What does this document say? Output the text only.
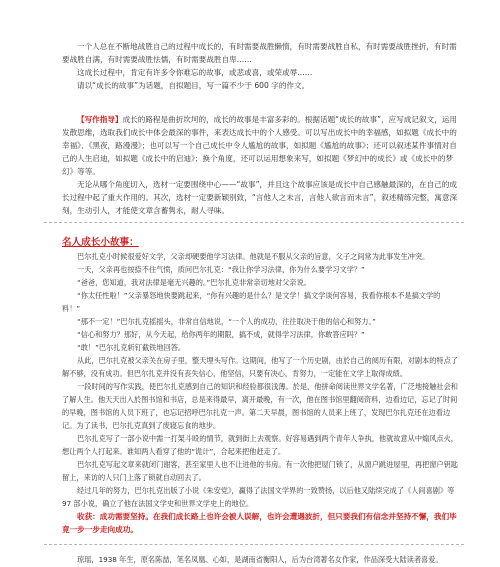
一个人总在不断地战胜自己的过程中成长的，有时需要战胜懒惰，有时需要战胜自私，有时需要战胜挫折，有时需要战胜自满，有时需要战胜怯懦，有时需要战胜自卑……

这成长过程中，肯定有许多令你难忘的故事，或悲或喜，或荣或辱……

请以“成长的故事”为话题，自拟题目，写一篇不少于 600 字的作文。

【写作指导】成长的路程是曲折坎坷的，成长的故事是丰富多彩的。根据话题“成长的故事”，应写成记叙文，运用发散思维，选取我们成长中体会最深的事件，来表达成长中的个人感受。可以写出成长中的幸福感，如拟题《成长中的幸福》、《黑夜，路漫漫》；也可以写一个自己成长中令人尴尬的故事，如拟题《尴尬的故事》；还可以叙述某件事情对自己的人生启迪，如拟题《成长中的启迪》；换个角度，还可以运用想象来写，如拟题《梦幻中的成长》或《成长中的梦幻》等等。

无论从哪个角度切入，选材一定要围绕中心——“故事”，并且这个故事应该是成长中自己感触最深的，在自己的成长过程中起了重大作用的。其次，选材一定要新颖别致，“言他人之未言，言他人欲言而未言”，叙述精练完整，寓意深刻，生动引人，才能使文章含蓄隽永，耐人寻味。

名人成长小故事：

巴尔扎克小时候很爱好文学，父亲却硬要他学习法律。他就是不服从父亲的旨意，父子之间常为此事发生冲突。

一天，父亲再也按捺不住气愤，质问巴尔扎克：“我让你学习法律，你为什么要学习文学？”

“爸爸，您知道，我对法律是毫无兴趣的。”巴尔扎克非常亲切地对父亲说。

“你太任性啦！”父亲暴怒地快要跳起来，“你有兴趣的是什么？是文学！搞文学谈何容易，我看你根本不是搞文学的料！”

“那不一定！”巴尔扎克摇摇头，非常自信地说，“一个人的成功，往往取决于他的信心和努力。”

“信心和努力？那好，从今天起，给你两年的期限，搞不成，就得学习法律，你敢答应吗？”

“敢！”巴尔扎克斩钉截铁地回答。

从此，巴尔扎克被父亲关在房子里，整天埋头写作。这期间，他写了一个历史剧，由於自己的阅历有限，对剧本的特点了解不够，没有成功。但巴尔扎克并没有丧失信心，他坚信，只要有决心，肯努力，一定能在文学上取得成绩。

一段时间的写作实践，使巴尔扎克感到自己的知识和经验都很浅薄。於是，他拼命阅读世界文学名著，广泛地接触社会和了解人生。他天天出入於图书馆和书店，总是来得最早，离开最晚，有一次，他在图书馆里翻阅资料，边看边记，忘记了时间的早晚，图书馆的人员下班了，也忘记招呼巴尔扎克一声。第二天早晨，图书馆的人员来上班了，发现巴尔扎克还在边看边记。为了读书，巴尔扎克真到了废寝忘食的地步。

巴尔扎克写了一部小说中需一打架斗殴的情节，就到街上去观察。好容易遇到两个青年人争执，他就故意从中煽风点火，想让两个人打起来。谁知两人看穿了他的“诡计”，合起来把他赶走了。

巴尔扎克写起文章来就闭门谢客，甚至家里人也不让进他的书房。有一次他把屋门锁了，从窗户跳进屋里，再把窗户钥匙留上，来访的人只门上落了锁就自动回去了。

经过几年的努力，巴尔扎克出版了小说《朱安党》，赢得了法国文学界的一致赞扬，以后他又陆续完成了《人间喜剧》等 97 部小说，确立了他在法国文学史和世界文学史上的地位。

收获：成功需要坚持。在我们成长路上也许会被人误解，也许会遭遇波折，但只要我们有信念并坚持不懈，我们毕竟一步一步走向成功。

琼瑶，1938 年生，原名陈喆，笔名凤凰、心如，是湖南省衡阳人，后为台湾著名女作家，作品深受大陆读者喜爱。
